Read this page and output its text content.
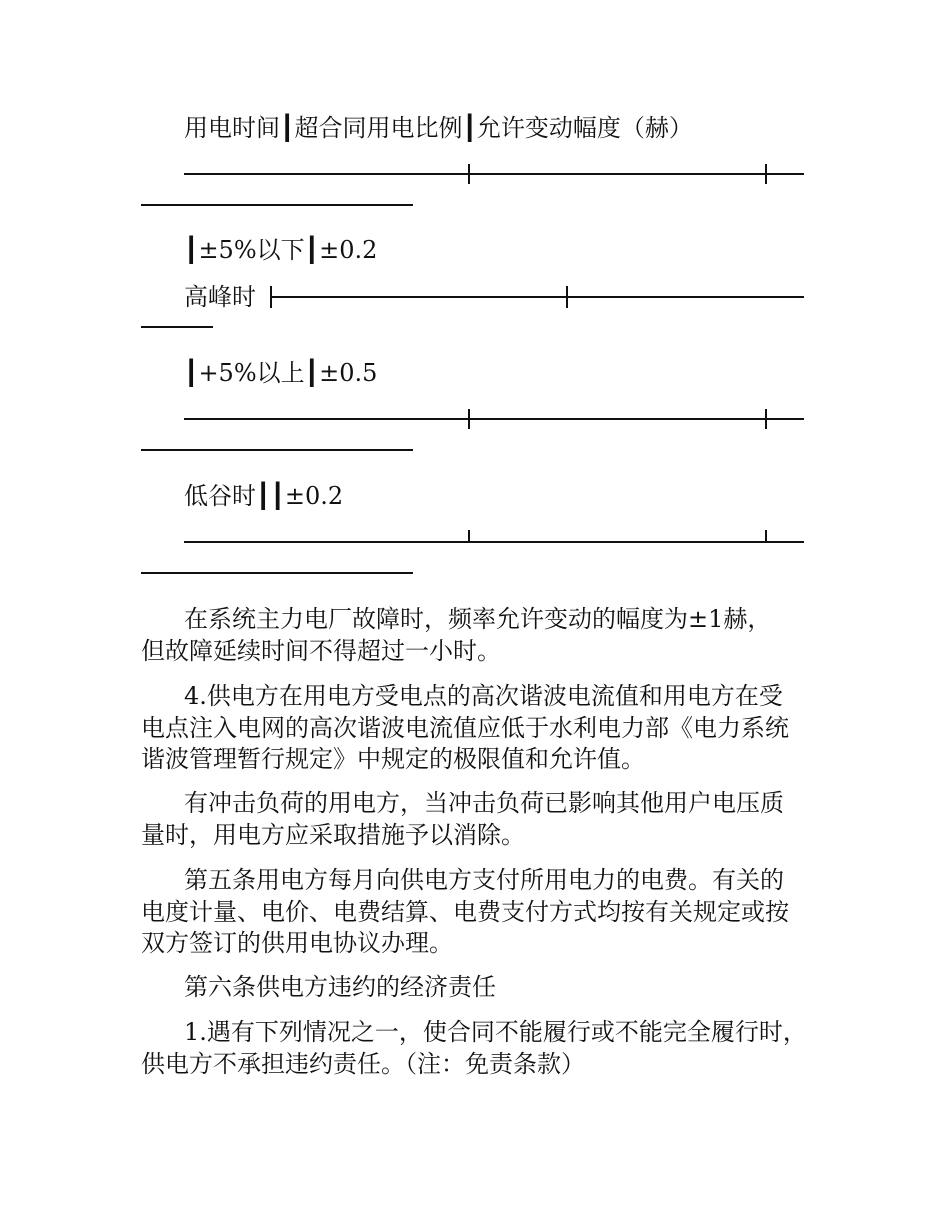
用电时间┃超合同用电比例┃允许变动幅度（赫）
┃±5%以下┃±0.2
高峰时
┃+5%以上┃±0.5
低谷时┃┃±0.2
在系统主力电厂故障时，频率允许变动的幅度为±1赫，
但故障延续时间不得超过一小时。
4.供电方在用电方受电点的高次谐波电流值和用电方在受
电点注入电网的高次谐波电流值应低于水利电力部《电力系统
谐波管理暂行规定》中规定的极限值和允许值。
有冲击负荷的用电方，当冲击负荷已影响其他用户电压质
量时，用电方应采取措施予以消除。
第五条用电方每月向供电方支付所用电力的电费。有关的
电度计量、电价、电费结算、电费支付方式均按有关规定或按
双方签订的供用电协议办理。
第六条供电方违约的经济责任
1.遇有下列情况之一，使合同不能履行或不能完全履行时，
供电方不承担违约责任。（注：免责条款）
